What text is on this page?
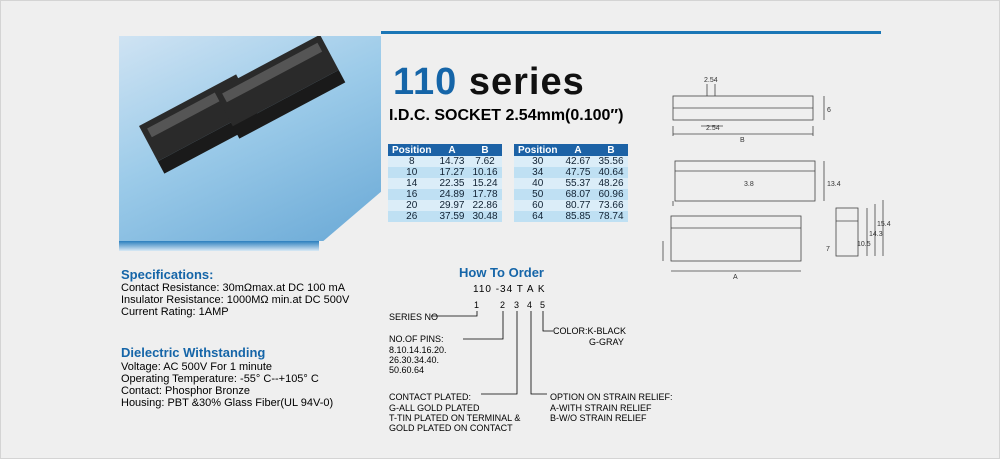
110 series
I.D.C. SOCKET 2.54mm(0.100″)
Position	A	B
8	14.73	7.62
10	17.27	10.16
14	22.35	15.24
16	24.89	17.78
20	29.97	22.86
26	37.59	30.48
Position	A	B
30	42.67	35.56
34	47.75	40.64
40	55.37	48.26
50	68.07	60.96
60	80.77	73.66
64	85.85	78.74
Specifications:
Contact Resistance: 30mΩmax.at DC 100 mA
Insulator Resistance: 1000MΩ min.at DC 500V
Current Rating: 1AMP
Dielectric Withstanding
Voltage: AC 500V For 1 minute
Operating Temperature: -55° C--+105° C
Contact: Phosphor Bronze
Housing: PBT &30% Glass Fiber(UL 94V-0)
How To Order
110 -34 T A K
1 2 3 4 5
SERIES NO
NO.OF PINS:
8.10.14.16.20.
26.30.34.40.
50.60.64
CONTACT PLATED:
G-ALL GOLD PLATED
T-TIN PLATED ON TERMINAL &
GOLD PLATED ON CONTACT
COLOR:K-BLACK
G-GRAY
OPTION ON STRAIN RELIEF:
A-WITH STRAIN RELIEF
B-W/O STRAIN RELIEF
2.54
2.54
B
6
3.8	13.4
A
7
10.5
14.3
15.4
